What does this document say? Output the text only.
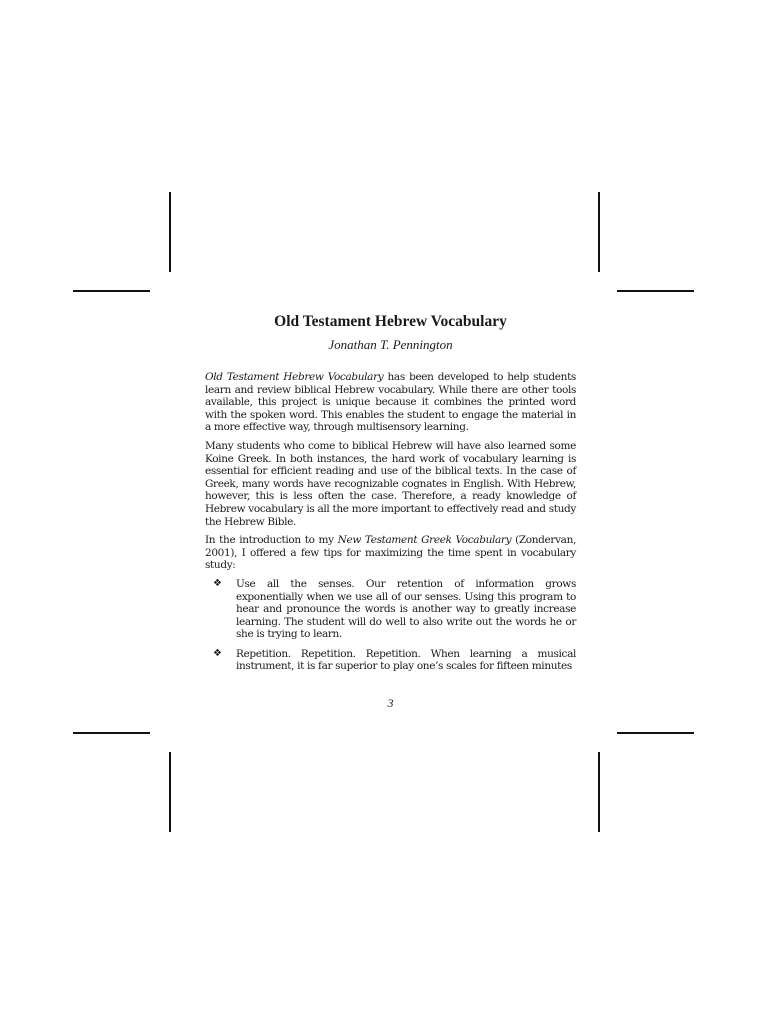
Old Testament Hebrew Vocabulary
Jonathan T. Pennington

Old Testament Hebrew Vocabulary has been developed to help students learn and review biblical Hebrew vocabulary. While there are other tools available, this project is unique because it combines the printed word with the spoken word. This enables the student to engage the material in a more effective way, through multisensory learning.

Many students who come to biblical Hebrew will have also learned some Koine Greek. In both instances, the hard work of vocabulary learning is essential for efficient reading and use of the biblical texts. In the case of Greek, many words have recognizable cognates in English. With Hebrew, however, this is less often the case. Therefore, a ready knowledge of Hebrew vocabulary is all the more important to effectively read and study the Hebrew Bible.

In the introduction to my New Testament Greek Vocabulary (Zondervan, 2001), I offered a few tips for maximizing the time spent in vocabulary study:

❖ Use all the senses. Our retention of information grows exponentially when we use all of our senses. Using this program to hear and pronounce the words is another way to greatly increase learning. The student will do well to also write out the words he or she is trying to learn.
❖ Repetition. Repetition. Repetition. When learning a musical instrument, it is far superior to play one’s scales for fifteen minutes
3
